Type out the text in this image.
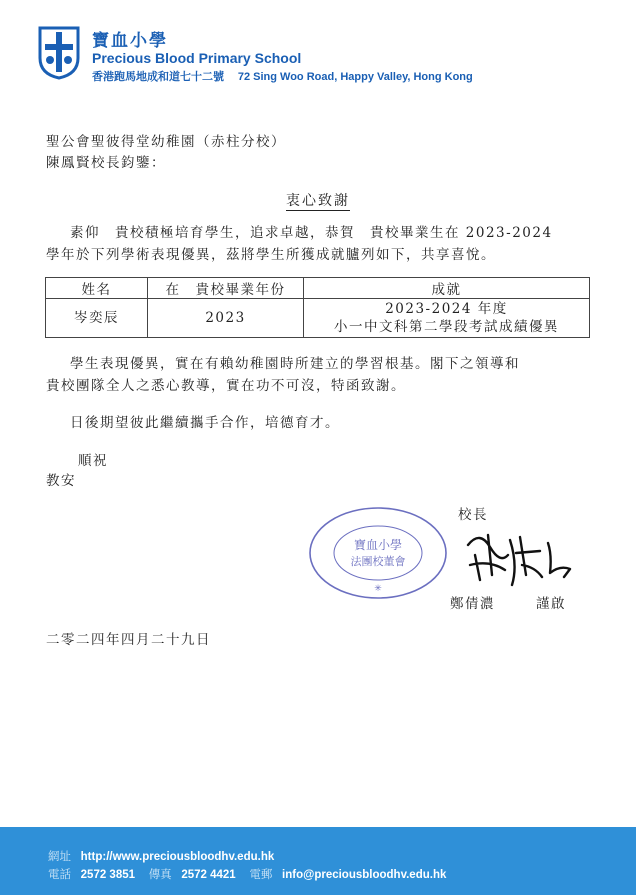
寶血小學
Precious Blood Primary School
香港跑馬地成和道七十二號 72 Sing Woo Road, Happy Valley, Hong Kong
聖公會聖彼得堂幼稚園（赤柱分校）
陳鳳賢校長鈞鑒：
衷心致謝
素仰　貴校積極培育學生，追求卓越，恭賀　貴校畢業生在 2023-2024
學年於下列學術表現優異，茲將學生所獲成就臚列如下，共享喜悅。
姓名	在　貴校畢業年份	成就
岑奕辰	2023	2023-2024 年度
小一中文科第二學段考試成績優異
學生表現優異，實在有賴幼稚園時所建立的學習根基。閣下之領導和
貴校團隊全人之悉心教導，實在功不可沒，特函致謝。
日後期望彼此繼續攜手合作，培德育才。
順祝
教安
校長
寶血小學
法團校董會
✳
鄭倩濃	謹啟
二零二四年四月二十九日
網址 http://www.preciousbloodhv.edu.hk
電話 2572 3851 傳真 2572 4421 電郵 info@preciousbloodhv.edu.hk
